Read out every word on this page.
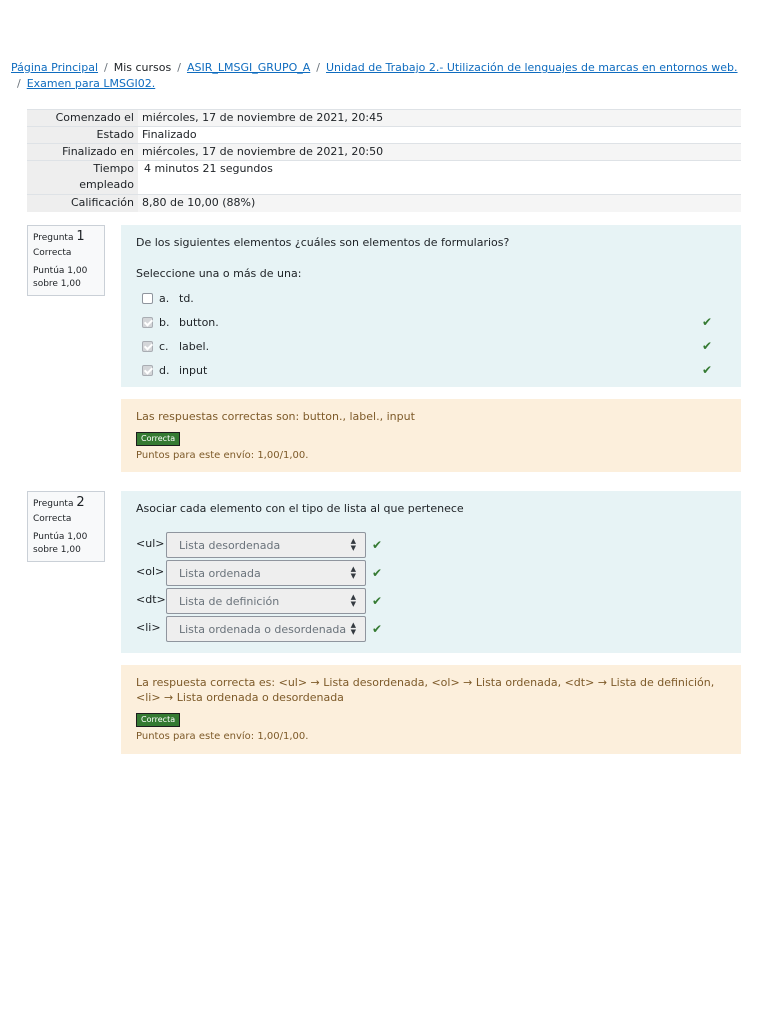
Página Principal / Mis cursos / ASIR_LMSGI_GRUPO_A / Unidad de Trabajo 2.- Utilización de lenguajes de marcas en entornos web.
/ Examen para LMSGI02.
Comenzado el	miércoles, 17 de noviembre de 2021, 20:45
Estado	Finalizado
Finalizado en	miércoles, 17 de noviembre de 2021, 20:50
Tiempo
empleado	4 minutos 21 segundos
Calificación	8,80 de 10,00 (88%)
Pregunta 1
Correcta
Puntúa 1,00
sobre 1,00
De los siguientes elementos ¿cuáles son elementos de formularios?
Seleccione una o más de una:
a. td.
b. button.	✔
c. label.	✔
d. input	✔
Las respuestas correctas son: button., label., input
Correcta
Puntos para este envío: 1,00/1,00.
Pregunta 2
Correcta
Puntúa 1,00
sobre 1,00
Asociar cada elemento con el tipo de lista al que pertenece
<ul> Lista desordenada	▲
▼ ✔
<ol> Lista ordenada	▲
▼ ✔
<dt> Lista de definición	▲
▼ ✔
<li>	Lista ordenada o desordenada ▲
▼ ✔
La respuesta correcta es: <ul> → Lista desordenada, <ol> → Lista ordenada, <dt> → Lista de definición, <li> → Lista ordenada o desordenada
Correcta
Puntos para este envío: 1,00/1,00.
